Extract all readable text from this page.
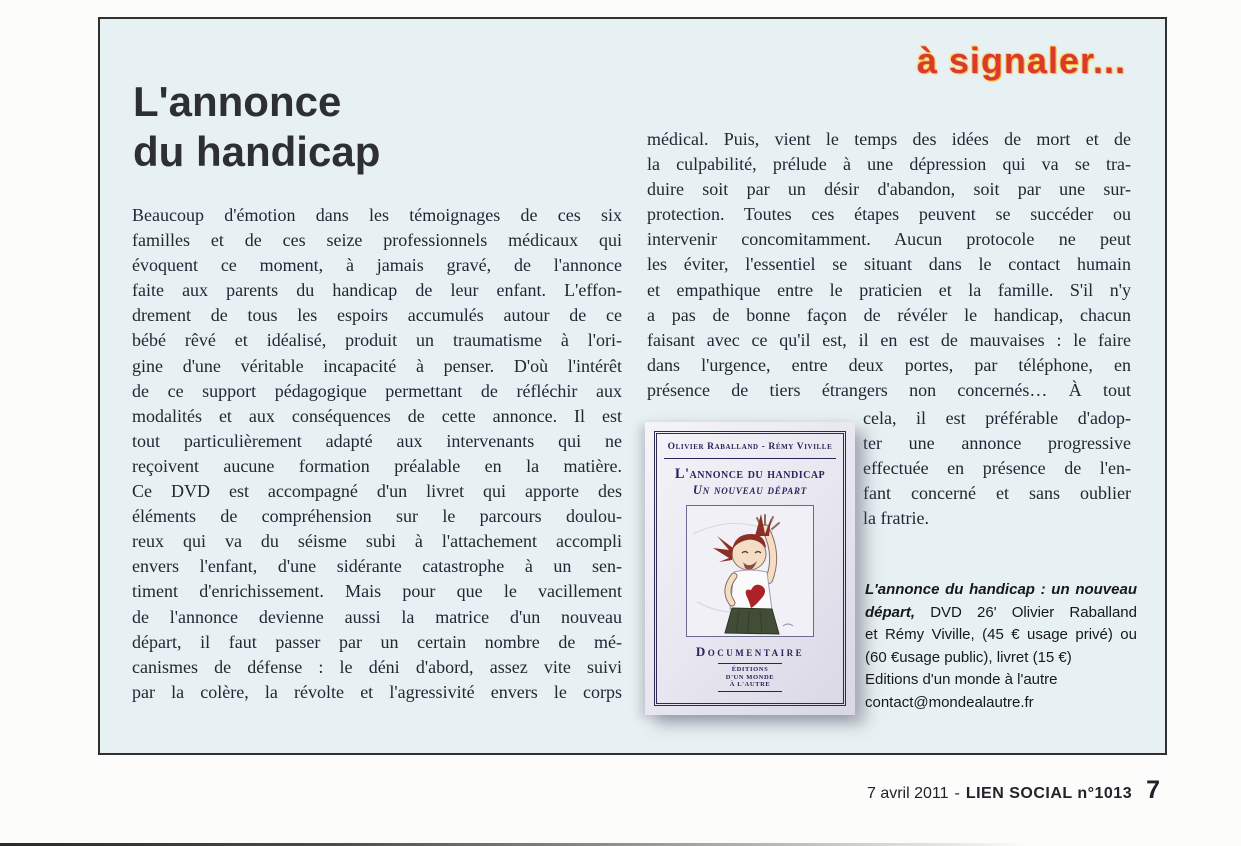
à signaler...
L'annonce
du handicap
Beaucoup d'émotion dans les témoignages de ces six
familles et de ces seize professionnels médicaux qui
évoquent ce moment, à jamais gravé, de l'annonce
faite aux parents du handicap de leur enfant. L'effon-
drement de tous les espoirs accumulés autour de ce
bébé rêvé et idéalisé, produit un traumatisme à l'ori-
gine d'une véritable incapacité à penser. D'où l'intérêt
de ce support pédagogique permettant de réfléchir aux
modalités et aux conséquences de cette annonce. Il est
tout particulièrement adapté aux intervenants qui ne
reçoivent aucune formation préalable en la matière.
Ce DVD est accompagné d'un livret qui apporte des
éléments de compréhension sur le parcours doulou-
reux qui va du séisme subi à l'attachement accompli
envers l'enfant, d'une sidérante catastrophe à un sen-
timent d'enrichissement. Mais pour que le vacillement
de l'annonce devienne aussi la matrice d'un nouveau
départ, il faut passer par un certain nombre de mé-
canismes de défense : le déni d'abord, assez vite suivi
par la colère, la révolte et l'agressivité envers le corps
médical. Puis, vient le temps des idées de mort et de
la culpabilité, prélude à une dépression qui va se tra-
duire soit par un désir d'abandon, soit par une sur-
protection. Toutes ces étapes peuvent se succéder ou
intervenir concomitamment. Aucun protocole ne peut
les éviter, l'essentiel se situant dans le contact humain
et empathique entre le praticien et la famille. S'il n'y
a pas de bonne façon de révéler le handicap, chacun
faisant avec ce qu'il est, il en est de mauvaises : le faire
dans l'urgence, entre deux portes, par téléphone, en
présence de tiers étrangers non concernés… À tout
cela, il est préférable d'adop-
ter une annonce progressive
effectuée en présence de l'en-
fant concerné et sans oublier
la fratrie.
Olivier Raballand - Rémy Viville
L'annonce du handicap
Un nouveau départ
Documentaire
ÉDITIONS
D'UN MONDE
À L'AUTRE
L'annonce du handicap : un nouveau
départ, DVD 26' Olivier Raballand
et Rémy Viville, (45 € usage privé) ou
(60 €usage public), livret (15 €)
Editions d'un monde à l'autre
contact@mondealautre.fr
7 avril 2011 - LIEN SOCIAL n°1013 7
